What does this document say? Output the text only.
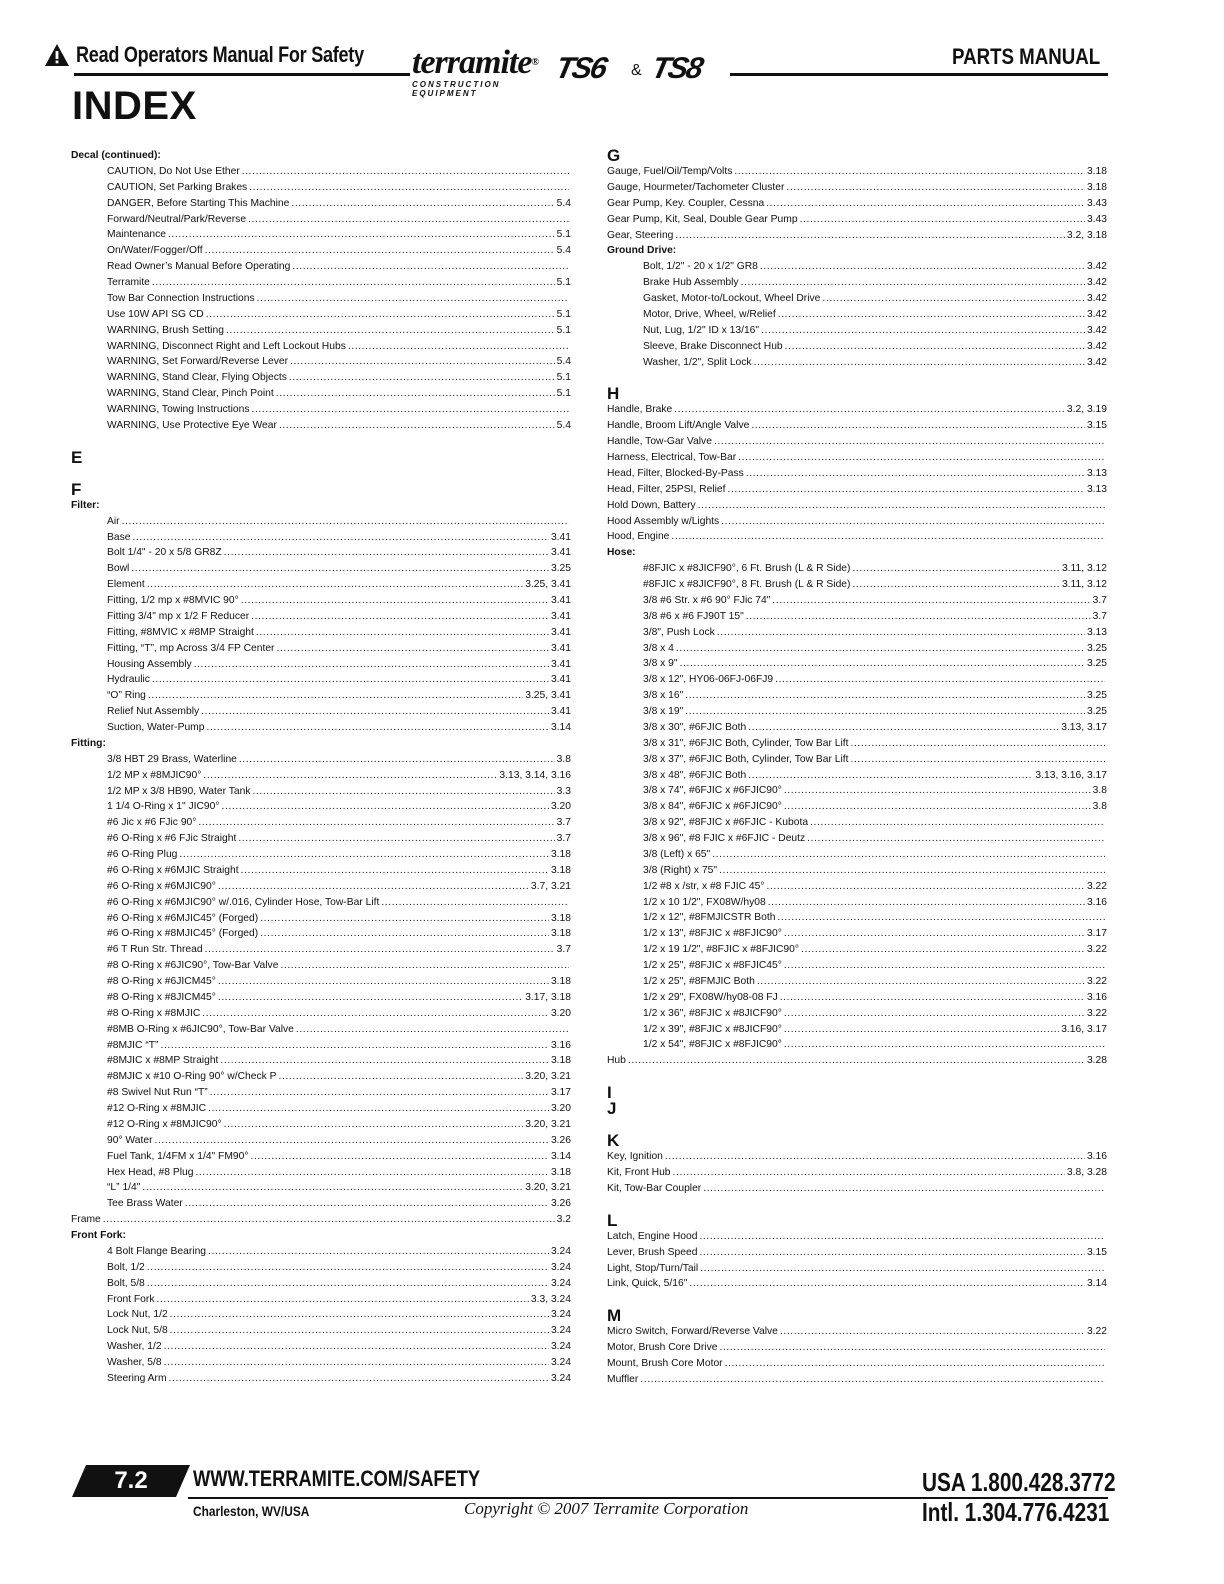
Read Operators Manual For Safety terramite®
CONSTRUCTION EQUIPMENT
TS6 & TS8	PARTS MANUAL
INDEX
Decal (continued):
CAUTION, Do Not Use Ether
.....
CAUTION, Set Parking Brakes
.....
DANGER, Before Starting This Machine .....	5.4
Forward/Neutral/Park/Reverse
.....
Maintenance .....	5.1
On/Water/Fogger/Off .....	5.4
Read Owner’s Manual Before Operating
.....
Terramite .....	5.1
Tow Bar Connection Instructions
.....
Use 10W API SG CD .....	5.1
WARNING, Brush Setting .....	5.1
WARNING, Disconnect Right and Left Lockout Hubs
.....
WARNING, Set Forward/Reverse Lever .....	5.4
WARNING, Stand Clear, Flying Objects .....	5.1
WARNING, Stand Clear, Pinch Point .....	5.1
WARNING, Towing Instructions
.....
WARNING, Use Protective Eye Wear .....	5.4
E
F
Filter:
Air
.....
Base .....	3.41
Bolt 1/4" - 20 x 5/8 GR8Z .....	3.41
Bowl .....	3.25
Element .....	3.25, 3.41
Fitting, 1/2 mp x #8MVIC 90° .....	3.41
Fitting 3/4" mp x 1/2 F Reducer .....	3.41
Fitting, #8MVIC x #8MP Straight .....	3.41
Fitting, “T”, mp Across 3/4 FP Center .....	3.41
Housing Assembly .....	3.41
Hydraulic .....	3.41
“O” Ring .....	3.25, 3.41
Relief Nut Assembly .....	3.41
Suction, Water-Pump .....	3.14
Fitting:
3/8 HBT 29 Brass, Waterline .....	3.8
1/2 MP x #8MJIC90° .....	3.13, 3.14, 3.16
1/2 MP x 3/8 HB90, Water Tank .....	3.3
1 1/4 O-Ring x 1" JIC90° .....	3.20
#6 Jic x #6 FJic 90° .....	3.7
#6 O-Ring x #6 FJic Straight .....	3.7
#6 O-Ring Plug .....	3.18
#6 O-Ring x #6MJIC Straight .....	3.18
#6 O-Ring x #6MJIC90° .....	3.7, 3.21
#6 O-Ring x #6MJIC90° w/.016, Cylinder Hose, Tow-Bar Lift
.....
#6 O-Ring x #6MJIC45° (Forged) .....	3.18
#6 O-Ring x #8MJIC45° (Forged) .....	3.18
#6 T Run Str. Thread .....	3.7
#8 O-Ring x #6JIC90°, Tow-Bar Valve
.....
#8 O-Ring x #6JICM45° .....	3.18
#8 O-Ring x #8JICM45° .....	3.17, 3.18
#8 O-Ring x #8MJIC .....	3.20
#8MB O-Ring x #6JIC90°, Tow-Bar Valve
.....
#8MJIC “T” .....	3.16
#8MJIC x #8MP Straight .....	3.18
#8MJIC x #10 O-Ring 90° w/Check P .....	3.20, 3.21
#8 Swivel Nut Run “T” .....	3.17
#12 O-Ring x #8MJIC .....	3.20
#12 O-Ring x #8MJIC90° .....	3.20, 3.21
90° Water .....	3.26
Fuel Tank, 1/4FM x 1/4" FM90° .....	3.14
Hex Head, #8 Plug .....	3.18
“L” 1/4" .....	3.20, 3.21
Tee Brass Water .....	3.26
Frame .....	3.2
Front Fork:
4 Bolt Flange Bearing .....	3.24
Bolt, 1/2 .....	3.24
Bolt, 5/8 .....	3.24
Front Fork .....	3.3, 3.24
Lock Nut, 1/2 .....	3.24
Lock Nut, 5/8 .....	3.24
Washer, 1/2 .....	3.24
Washer, 5/8 .....	3.24
Steering Arm .....	3.24
G
Gauge, Fuel/Oil/Temp/Volts .....	3.18
Gauge, Hourmeter/Tachometer Cluster .....	3.18
Gear Pump, Key. Coupler, Cessna .....	3.43
Gear Pump, Kit, Seal, Double Gear Pump .....	3.43
Gear, Steering .....	3.2, 3.18
Ground Drive:
Bolt, 1/2" - 20 x 1/2" GR8 .....	3.42
Brake Hub Assembly .....	3.42
Gasket, Motor-to/Lockout, Wheel Drive .....	3.42
Motor, Drive, Wheel, w/Relief .....	3.42
Nut, Lug, 1/2" ID x 13/16" .....	3.42
Sleeve, Brake Disconnect Hub .....	3.42
Washer, 1/2", Split Lock .....	3.42
H
Handle, Brake .....	3.2, 3.19
Handle, Broom Lift/Angle Valve .....	3.15
Handle, Tow-Gar Valve
.....
Harness, Electrical, Tow-Bar
.....
Head, Filter, Blocked-By-Pass .....	3.13
Head, Filter, 25PSI, Relief .....	3.13
Hold Down, Battery
.....
Hood Assembly w/Lights
.....
Hood, Engine
.....
Hose:
#8FJIC x #8JICF90°, 6 Ft. Brush (L & R Side) .....	3.11, 3.12
#8FJIC x #8JICF90°, 8 Ft. Brush (L & R Side) .....	3.11, 3.12
3/8 #6 Str. x #6 90° FJic 74" .....	3.7
3/8 #6 x #6 FJ90T 15" .....	3.7
3/8", Push Lock .....	3.13
3/8 x 4 .....	3.25
3/8 x 9" .....	3.25
3/8 x 12", HY06-06FJ-06FJ9
.....
3/8 x 16" .....	3.25
3/8 x 19" .....	3.25
3/8 x 30", #6FJIC Both .....	3.13, 3.17
3/8 x 31", #6FJIC Both, Cylinder, Tow Bar Lift
.....
3/8 x 37", #6FJIC Both, Cylinder, Tow Bar Lift
.....
3/8 x 48", #6FJIC Both .....	3.13, 3.16, 3.17
3/8 x 74", #6FJIC x #6FJIC90° .....	3.8
3/8 x 84", #6FJIC x #6FJIC90° .....	3.8
3/8 x 92", #8FJIC x #6FJIC - Kubota
.....
3/8 x 96", #8 FJIC x #6FJIC - Deutz
.....
3/8 (Left) x 65"
.....
3/8 (Right) x 75"
.....
1/2 #8 x /str, x #8 FJIC 45° .....	3.22
1/2 x 10 1/2", FX08W/hy08 .....	3.16
1/2 x 12", #8FMJICSTR Both
.....
1/2 x 13", #8FJIC x #8FJIC90° .....	3.17
1/2 x 19 1/2", #8FJIC x #8FJIC90° .....	3.22
1/2 x 25", #8FJIC x #8FJIC45°
.....
1/2 x 25", #8FMJIC Both .....	3.22
1/2 x 29", FX08W/hy08-08 FJ .....	3.16
1/2 x 36", #8FJIC x #8JICF90° .....	3.22
1/2 x 39", #8FJIC x #8JICF90° .....	3.16, 3.17
1/2 x 54", #8FJIC x #8FJIC90°
.....
Hub .....	3.28
I
J
K
Key, Ignition .....	3.16
Kit, Front Hub .....	3.8, 3.28
Kit, Tow-Bar Coupler
.....
L
Latch, Engine Hood
.....
Lever, Brush Speed .....	3.15
Light, Stop/Turn/Tail
.....
Link, Quick, 5/16" .....	3.14
M
Micro Switch, Forward/Reverse Valve .....	3.22
Motor, Brush Core Drive
.....
Mount, Brush Core Motor
.....
Muffler
.....
7.2	WWW.TERRAMITE.COM/SAFETY
Charleston, WV/USA	Copyright © 2007 Terramite Corporation
USA 1.800.428.3772
Intl. 1.304.776.4231
